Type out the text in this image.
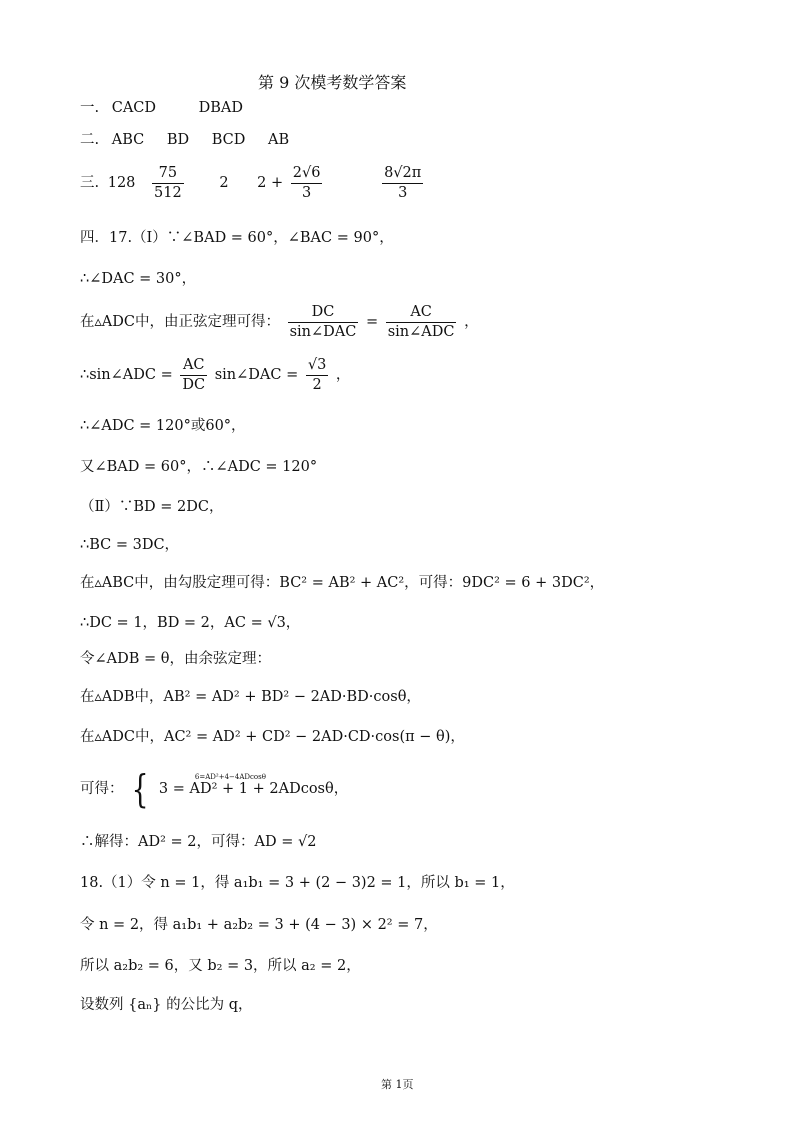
第 9 次模考数学答案
一. CACD	DBAD
二. ABC BD BCD AB
三. $128 \frac{75}{512} 2$ $2 + \frac{2√6}{3}$
	$\frac{8√2\pi}{3}$
四．17.（Ⅰ）∵∠BAD = 60°，∠BAC = 90°，
∴∠DAC = 30°，
在▵ADC中，由正弦定理可得： $\frac{DC}{\text{sin∠DAC}} = \frac{AC}{\text{sin∠ADC}}$ ，
∴sin∠ADC = $\frac{AC}{DC}$ sin∠DAC = $\frac{√3}{2}$ ，
∴∠ADC = 120°或60°，
又∠BAD = 60°，∴∠ADC = 120°
（Ⅱ）∵BD = 2DC，
∴BC = 3DC，
在▵ABC中，由勾股定理可得：BC² = AB² + AC²，可得：9DC² = 6 + 3DC²，
∴DC = 1，BD = 2，AC = √3，
令∠ADB = θ，由余弦定理：
在▵ADB中，AB² = AD² + BD² − 2AD·BD·cosθ，
在▵ADC中，AC² = AD² + CD² − 2AD·CD·cos(π − θ)，
可得： {	6=AD²+4−4ADcosθ
3 = AD² + 1 + 2ADcosθ，
∴解得：AD² = 2，可得：AD = √2
18.（1）令 n = 1，得 a₁b₁ = 3 + (2 − 3)2 = 1，所以 b₁ = 1，
令 n = 2，得 a₁b₁ + a₂b₂ = 3 + (4 − 3) × 2² = 7，
所以 a₂b₂ = 6，又 b₂ = 3，所以 a₂ = 2，
设数列 {aₙ} 的公比为 q，
第 1页
